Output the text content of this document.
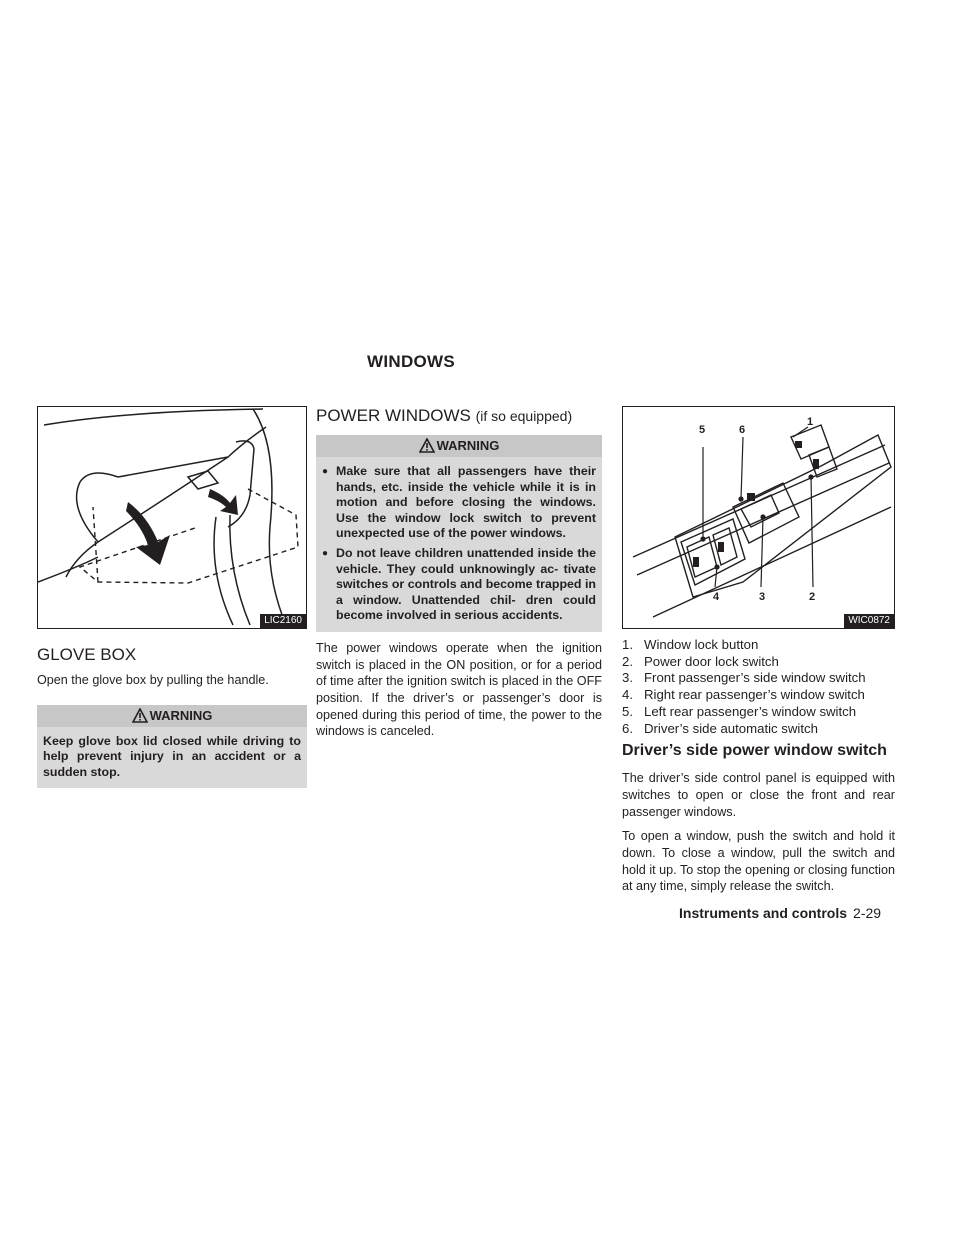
WINDOWS
LIC2160
GLOVE BOX

Open the glove box by pulling the handle.

WARNING
Keep glove box lid closed while driving to help prevent injury in an accident or a sudden stop.
POWER WINDOWS (if so equipped)
WARNING
● Make sure that all passengers have their hands, etc. inside the vehicle while it is in motion and before closing the windows. Use the window lock switch to prevent unexpected use of the power windows.
● Do not leave children unattended inside the vehicle. They could unknowingly ac- tivate switches or controls and become trapped in a window. Unattended chil- dren could become involved in serious accidents.

The power windows operate when the ignition switch is placed in the ON position, or for a period of time after the ignition switch is placed in the OFF position. If the driver’s or passenger’s door is opened during this period of time, the power to the windows is canceled.

5	6
1
4	3	2
WIC0872
1. Window lock button
2. Power door lock switch
3. Front passenger’s side window switch
4. Right rear passenger’s window switch
5. Left rear passenger’s window switch
6. Driver’s side automatic switch
Driver’s side power window switch

The driver’s side control panel is equipped with switches to open or close the front and rear passenger windows.

To open a window, push the switch and hold it down. To close a window, pull the switch and hold it up. To stop the opening or closing function at any time, simply release the switch.

Instruments and controls 2-29
